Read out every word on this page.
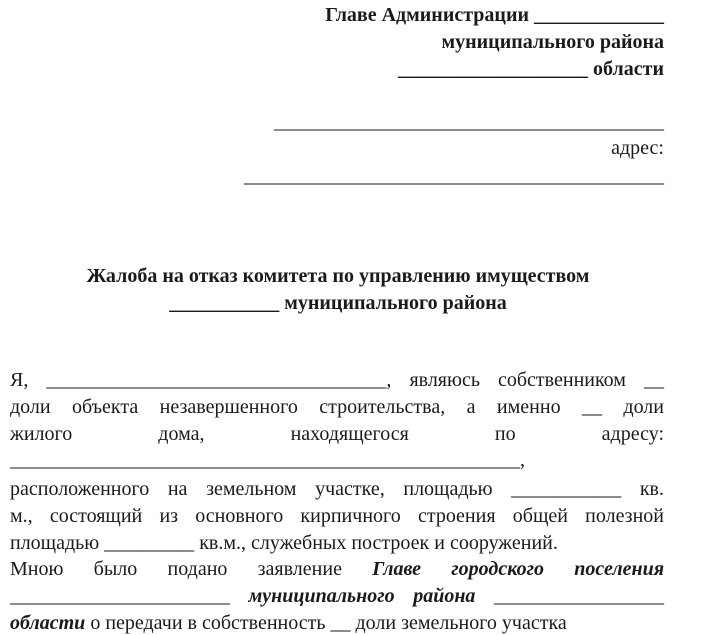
Главе Администрации _____________
муниципального района
___________________ области
_______________________________________
адрес:
__________________________________________
Жалоба на отказ комитета по управлению имуществом
___________ муниципального района
Я, __________________________________, являюсь собственником __
доли объекта незавершенного строительства, а именно __ доли
жилого дома, находящегося по адресу:
___________________________________________________,
расположенного на земельном участке, площадью ___________ кв.
м., состоящий из основного кирпичного строения общей полезной
площадью _________ кв.м., служебных построек и сооружений.
Мною было подано заявление Главе городского поселения
______________________ муниципального района _________________
области о передачи в собственность __ доли земельного участка
